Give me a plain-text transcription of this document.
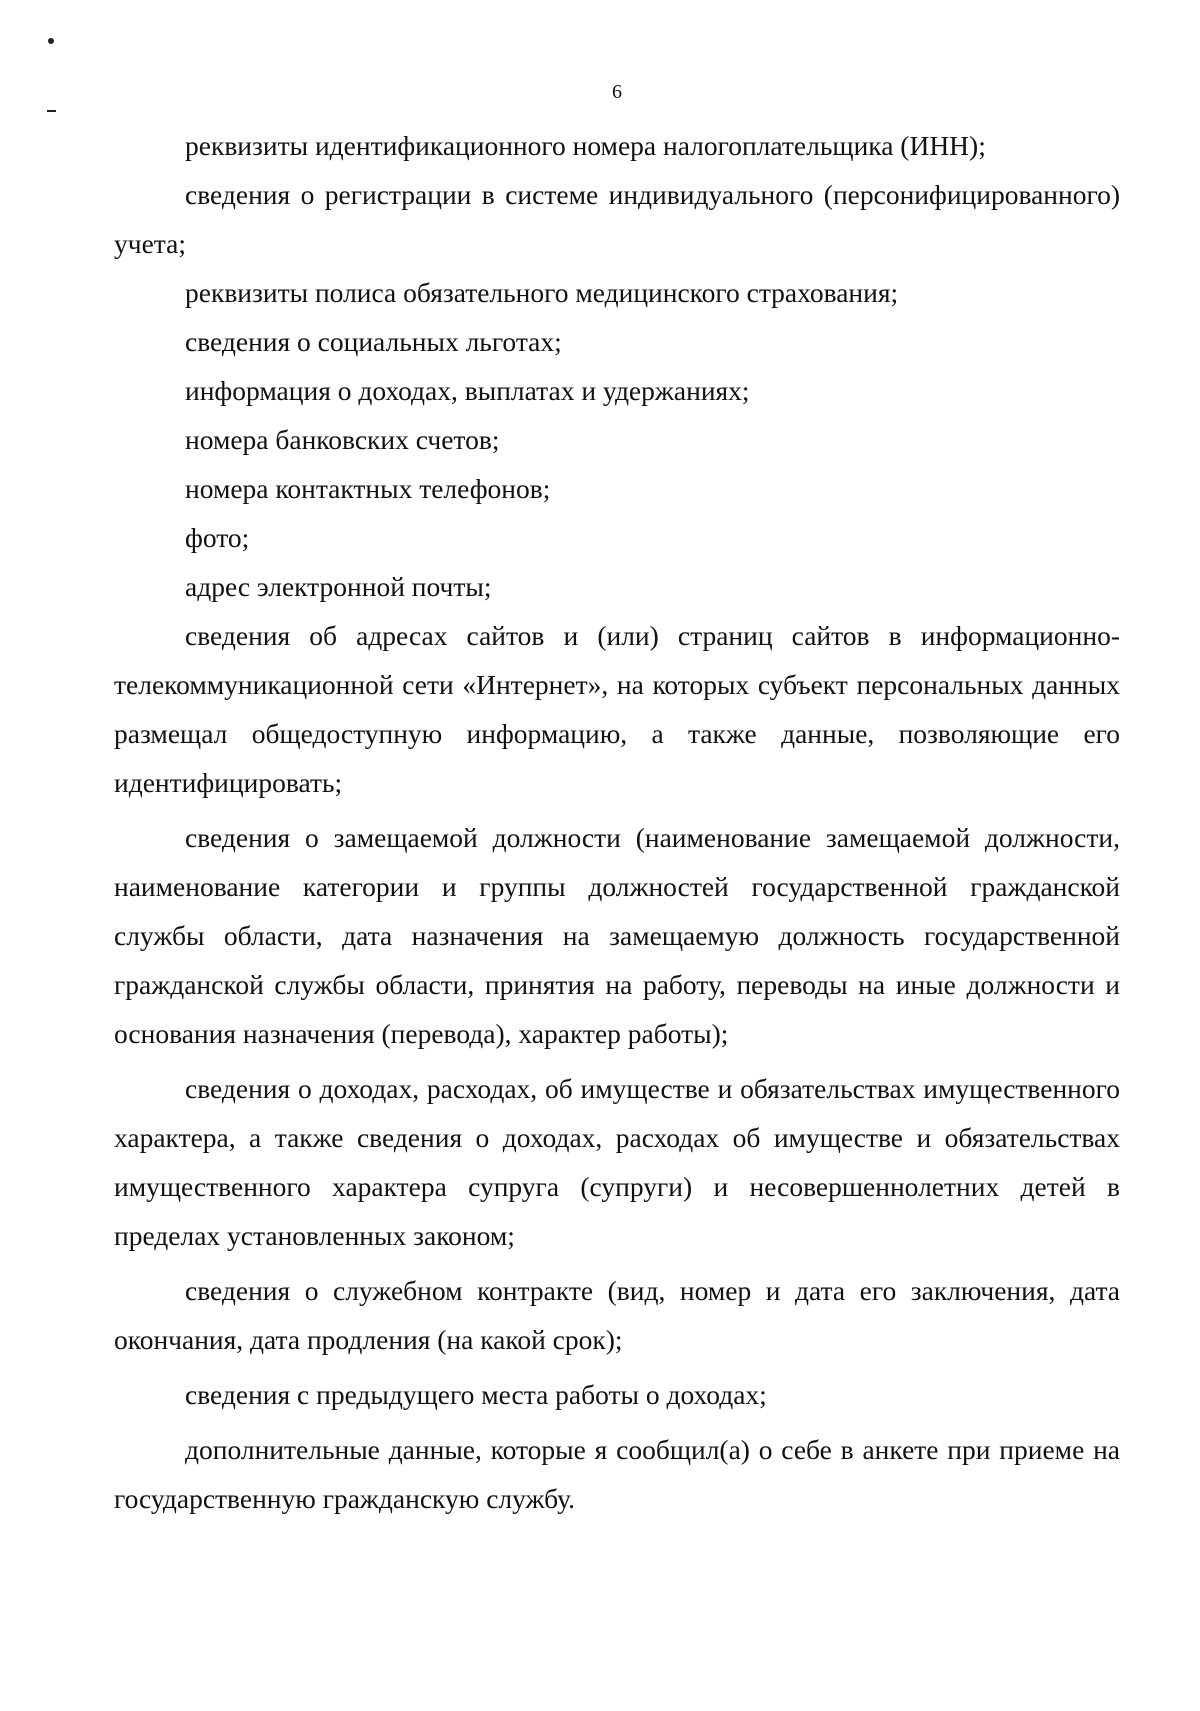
6

реквизиты идентификационного номера налогоплательщика (ИНН);

сведения о регистрации в системе индивидуального (персонифицированного) учета;

реквизиты полиса обязательного медицинского страхования;

сведения о социальных льготах;

информация о доходах, выплатах и удержаниях;

номера банковских счетов;

номера контактных телефонов;

фото;

адрес электронной почты;

сведения об адресах сайтов и (или) страниц сайтов в информационно-телекоммуникационной сети «Интернет», на которых субъект персональных данных размещал общедоступную информацию, а также данные, позволяющие его идентифицировать;

сведения о замещаемой должности (наименование замещаемой должности, наименование категории и группы должностей государственной гражданской службы области, дата назначения на замещаемую должность государственной гражданской службы области, принятия на работу, переводы на иные должности и основания назначения (перевода), характер работы);

сведения о доходах, расходах, об имуществе и обязательствах имущественного характера, а также сведения о доходах, расходах об имуществе и обязательствах имущественного характера супруга (супруги) и несовершеннолетних детей в пределах установленных законом;

сведения о служебном контракте (вид, номер и дата его заключения, дата окончания, дата продления (на какой срок);

сведения с предыдущего места работы о доходах;

дополнительные данные, которые я сообщил(а) о себе в анкете при приеме на государственную гражданскую службу.
